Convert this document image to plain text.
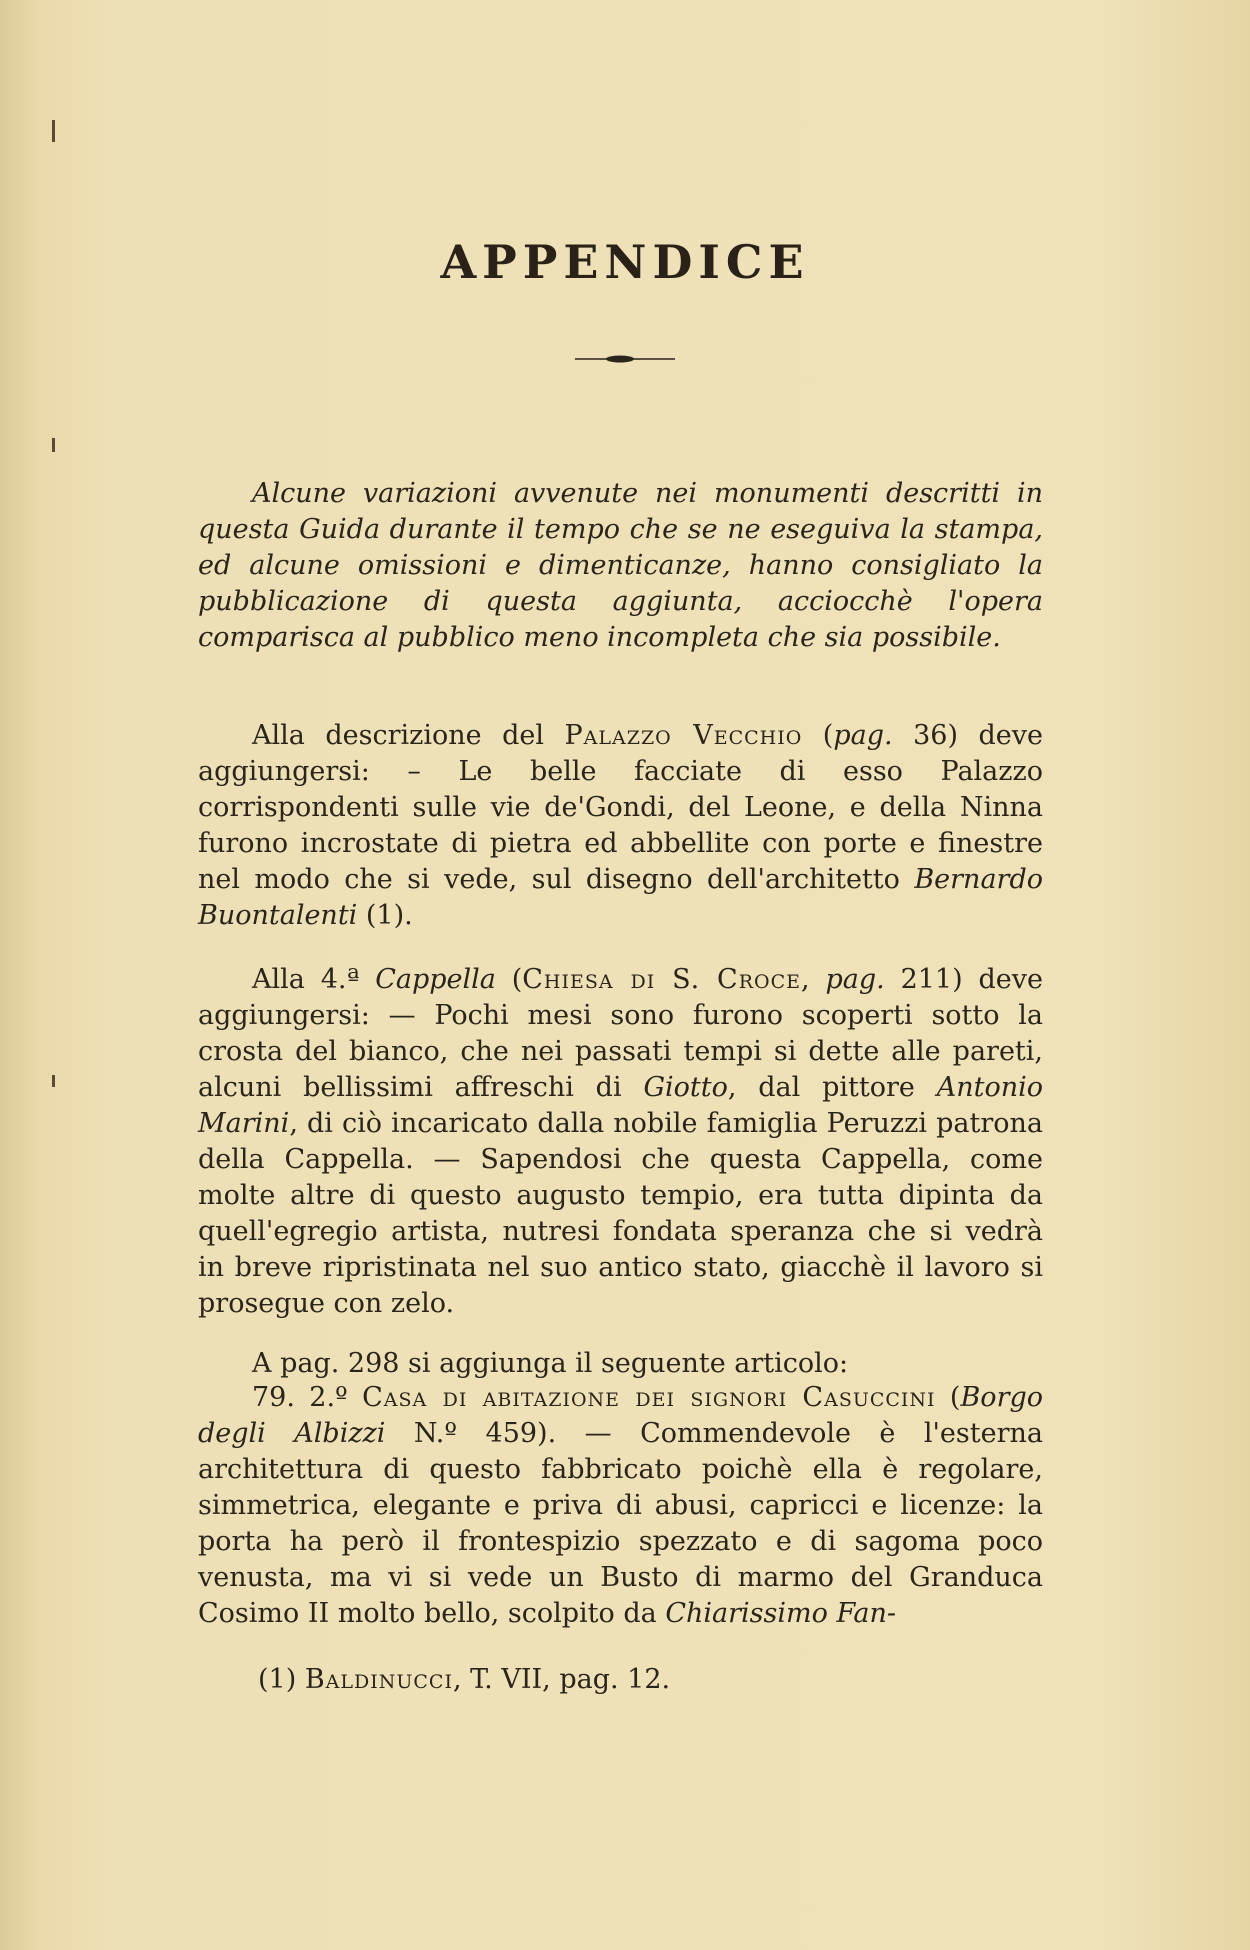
APPENDICE

Alcune variazioni avvenute nei monumenti descritti in questa Guida durante il tempo che se ne eseguiva la stampa, ed alcune omissioni e dimenticanze, hanno consigliato la pubblicazione di questa aggiunta, acciocchè l'opera comparisca al pubblico meno incompleta che sia possibile.

Alla descrizione del Palazzo Vecchio (pag. 36) deve aggiungersi: – Le belle facciate di esso Palazzo corrispondenti sulle vie de'Gondi, del Leone, e della Ninna furono incrostate di pietra ed abbellite con porte e finestre nel modo che si vede, sul disegno dell'architetto Bernardo Buontalenti (1).

Alla 4.ª Cappella (Chiesa di S. Croce, pag. 211) deve aggiungersi: — Pochi mesi sono furono scoperti sotto la crosta del bianco, che nei passati tempi si dette alle pareti, alcuni bellissimi affreschi di Giotto, dal pittore Antonio Marini, di ciò incaricato dalla nobile famiglia Peruzzi patrona della Cappella. — Sapendosi che questa Cappella, come molte altre di questo augusto tempio, era tutta dipinta da quell'egregio artista, nutresi fondata speranza che si vedrà in breve ripristinata nel suo antico stato, giacchè il lavoro si prosegue con zelo.

A pag. 298 si aggiunga il seguente articolo:

79. 2.º Casa di abitazione dei signori Casuccini (Borgo degli Albizzi N.º 459). — Commendevole è l'esterna architettura di questo fabbricato poichè ella è regolare, simmetrica, elegante e priva di abusi, capricci e licenze: la porta ha però il frontespizio spezzato e di sagoma poco venusta, ma vi si vede un Busto di marmo del Granduca Cosimo II molto bello, scolpito da Chiarissimo Fan-

(1) Baldinucci, T. VII, pag. 12.
